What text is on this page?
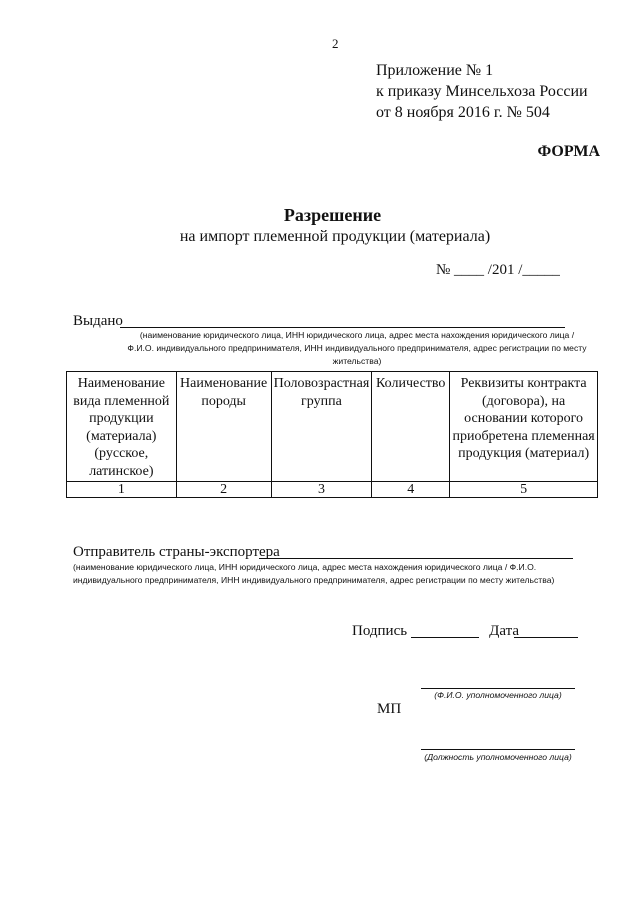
2
Приложение № 1
к приказу Минсельхоза России
от 8 ноября 2016 г. № 504
ФОРМА
Разрешение
на импорт племенной продукции (материала)
№ ____ /201 /_____
Выдано
(наименование юридического лица, ИНН юридического лица, адрес места нахождения юридического лица / Ф.И.О. индивидуального предпринимателя, ИНН индивидуального предпринимателя, адрес регистрации по месту жительства)
Наименование вида племенной продукции (материала) (русское, латинское)	Наименование породы	Половозрастная группа	Количество	Реквизиты контракта (договора), на основании которого приобретена племенная продукция (материал)
1	2	3	4	5
Отправитель страны-экспортера
(наименование юридического лица, ИНН юридического лица, адрес места нахождения юридического лица / Ф.И.О. индивидуального предпринимателя, ИНН индивидуального предпринимателя, адрес регистрации по месту жительства)
Подпись	Дата
(Ф.И.О. уполномоченного лица)
МП
(Должность уполномоченного лица)
